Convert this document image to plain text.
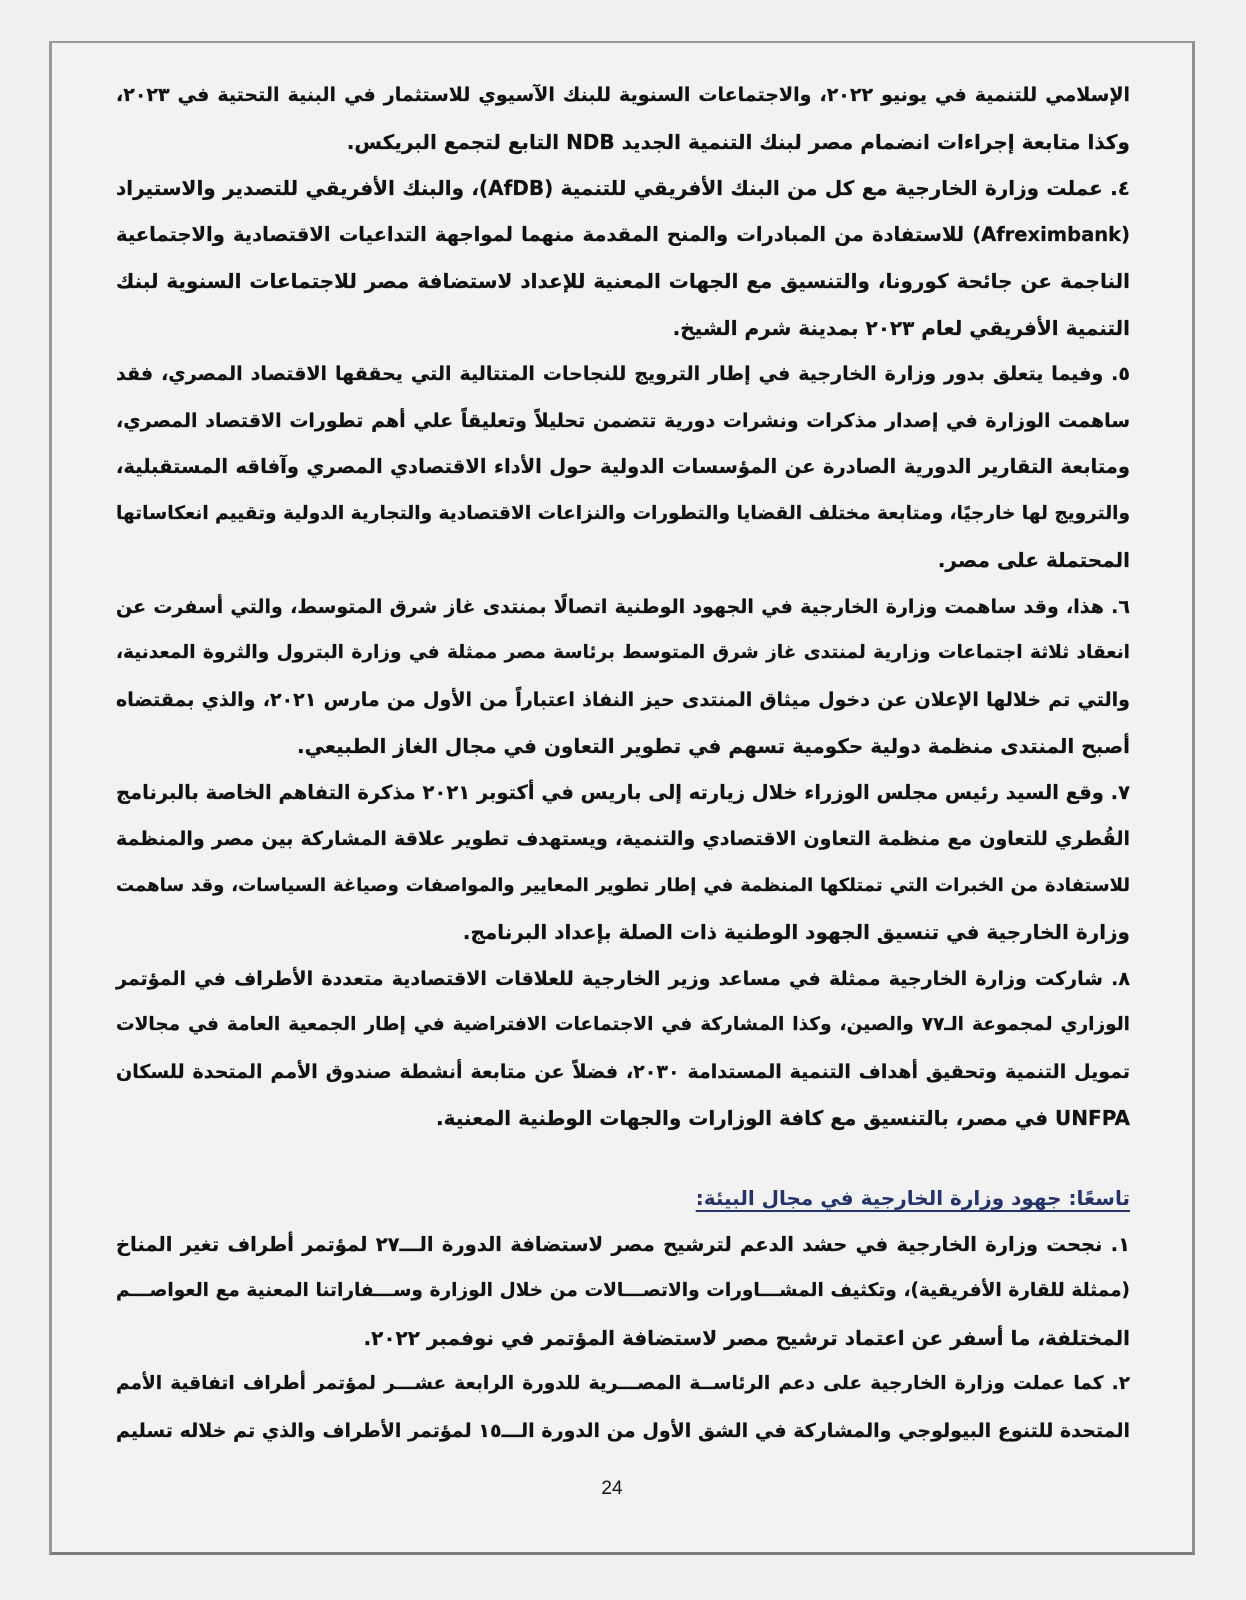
الإسلامي للتنمية في يونيو ٢٠٢٢، والاجتماعات السنوية للبنك الآسيوي للاستثمار في البنية التحتية في ٢٠٢٣،
وكذا متابعة إجراءات انضمام مصر لبنك التنمية الجديد NDB التابع لتجمع البريكس.
٤. عملت وزارة الخارجية مع كل من البنك الأفريقي للتنمية (AfDB)، والبنك الأفريقي للتصدير والاستيراد
(Afreximbank) للاستفادة من المبادرات والمنح المقدمة منهما لمواجهة التداعيات الاقتصادية والاجتماعية
الناجمة عن جائحة كورونا، والتنسيق مع الجهات المعنية للإعداد لاستضافة مصر للاجتماعات السنوية لبنك
التنمية الأفريقي لعام ٢٠٢٣ بمدينة شرم الشيخ.
٥. وفيما يتعلق بدور وزارة الخارجية في إطار الترويج للنجاحات المتتالية التي يحققها الاقتصاد المصري، فقد
ساهمت الوزارة في إصدار مذكرات ونشرات دورية تتضمن تحليلاً وتعليقاً علي أهم تطورات الاقتصاد المصري،
ومتابعة التقارير الدورية الصادرة عن المؤسسات الدولية حول الأداء الاقتصادي المصري وآفاقه المستقبلية،
والترويج لها خارجيًا، ومتابعة مختلف القضايا والتطورات والنزاعات الاقتصادية والتجارية الدولية وتقييم انعكاساتها
المحتملة على مصر.
٦. هذا، وقد ساهمت وزارة الخارجية في الجهود الوطنية اتصالًا بمنتدى غاز شرق المتوسط، والتي أسفرت عن
انعقاد ثلاثة اجتماعات وزارية لمنتدى غاز شرق المتوسط برئاسة مصر ممثلة في وزارة البترول والثروة المعدنية،
والتي تم خلالها الإعلان عن دخول ميثاق المنتدى حيز النفاذ اعتباراً من الأول من مارس ٢٠٢١، والذي بمقتضاه
أصبح المنتدى منظمة دولية حكومية تسهم في تطوير التعاون في مجال الغاز الطبيعي.
٧. وقع السيد رئيس مجلس الوزراء خلال زيارته إلى باريس في أكتوبر ٢٠٢١ مذكرة التفاهم الخاصة بالبرنامج
القُطري للتعاون مع منظمة التعاون الاقتصادي والتنمية، ويستهدف تطوير علاقة المشاركة بين مصر والمنظمة
للاستفادة من الخبرات التي تمتلكها المنظمة في إطار تطوير المعايير والمواصفات وصياغة السياسات، وقد ساهمت
وزارة الخارجية في تنسيق الجهود الوطنية ذات الصلة بإعداد البرنامج.
٨. شاركت وزارة الخارجية ممثلة في مساعد وزير الخارجية للعلاقات الاقتصادية متعددة الأطراف في المؤتمر
الوزاري لمجموعة الـ٧٧ والصين، وكذا المشاركة في الاجتماعات الافتراضية في إطار الجمعية العامة في مجالات
تمويل التنمية وتحقيق أهداف التنمية المستدامة ٢٠٣٠، فضلاً عن متابعة أنشطة صندوق الأمم المتحدة للسكان
UNFPA في مصر، بالتنسيق مع كافة الوزارات والجهات الوطنية المعنية.
تاسعًا: جهود وزارة الخارجية في مجال البيئة:
١. نجحت وزارة الخارجية في حشد الدعم لترشيح مصر لاستضافة الدورة الـــ٢٧ لمؤتمر أطراف تغير المناخ
(ممثلة للقارة الأفريقية)، وتكثيف المشـــاورات والاتصـــالات من خلال الوزارة وســـفاراتنا المعنية مع العواصـــم
المختلفة، ما أسفر عن اعتماد ترشيح مصر لاستضافة المؤتمر في نوفمبر ٢٠٢٢.
٢. كما عملت وزارة الخارجية على دعم الرئاســة المصـــرية للدورة الرابعة عشـــر لمؤتمر أطراف اتفاقية الأمم
المتحدة للتنوع البيولوجي والمشاركة في الشق الأول من الدورة الـــ١٥ لمؤتمر الأطراف والذي تم خلاله تسليم
24
